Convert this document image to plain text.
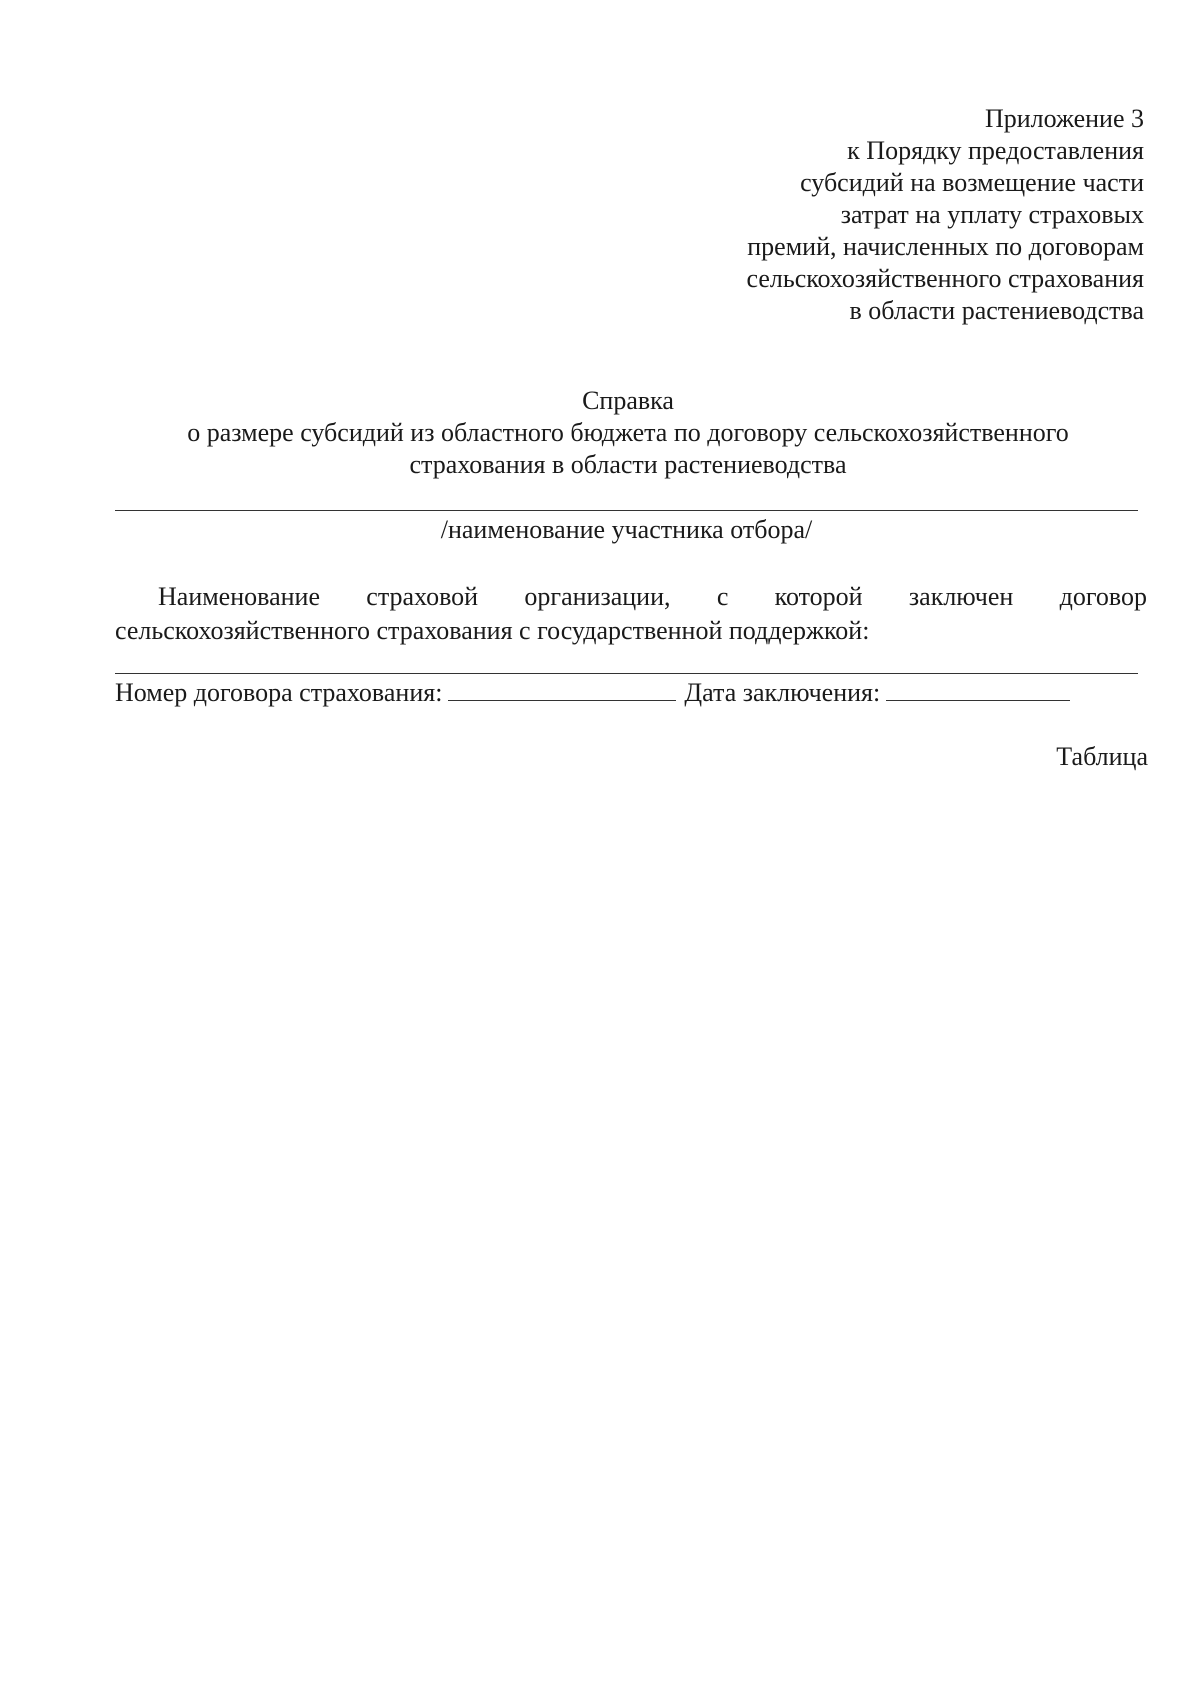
Приложение 3
к Порядку предоставления
субсидий на возмещение части
затрат на уплату страховых
премий, начисленных по договорам
сельскохозяйственного страхования
в области растениеводства
Справка
о размере субсидий из областного бюджета по договору сельскохозяйственного
страхования в области растениеводства
/наименование участника отбора/
Наименование страховой организации, с которой заключен договор
сельскохозяйственного страхования с государственной поддержкой:
Номер договора страхования:	Дата заключения:
Таблица
